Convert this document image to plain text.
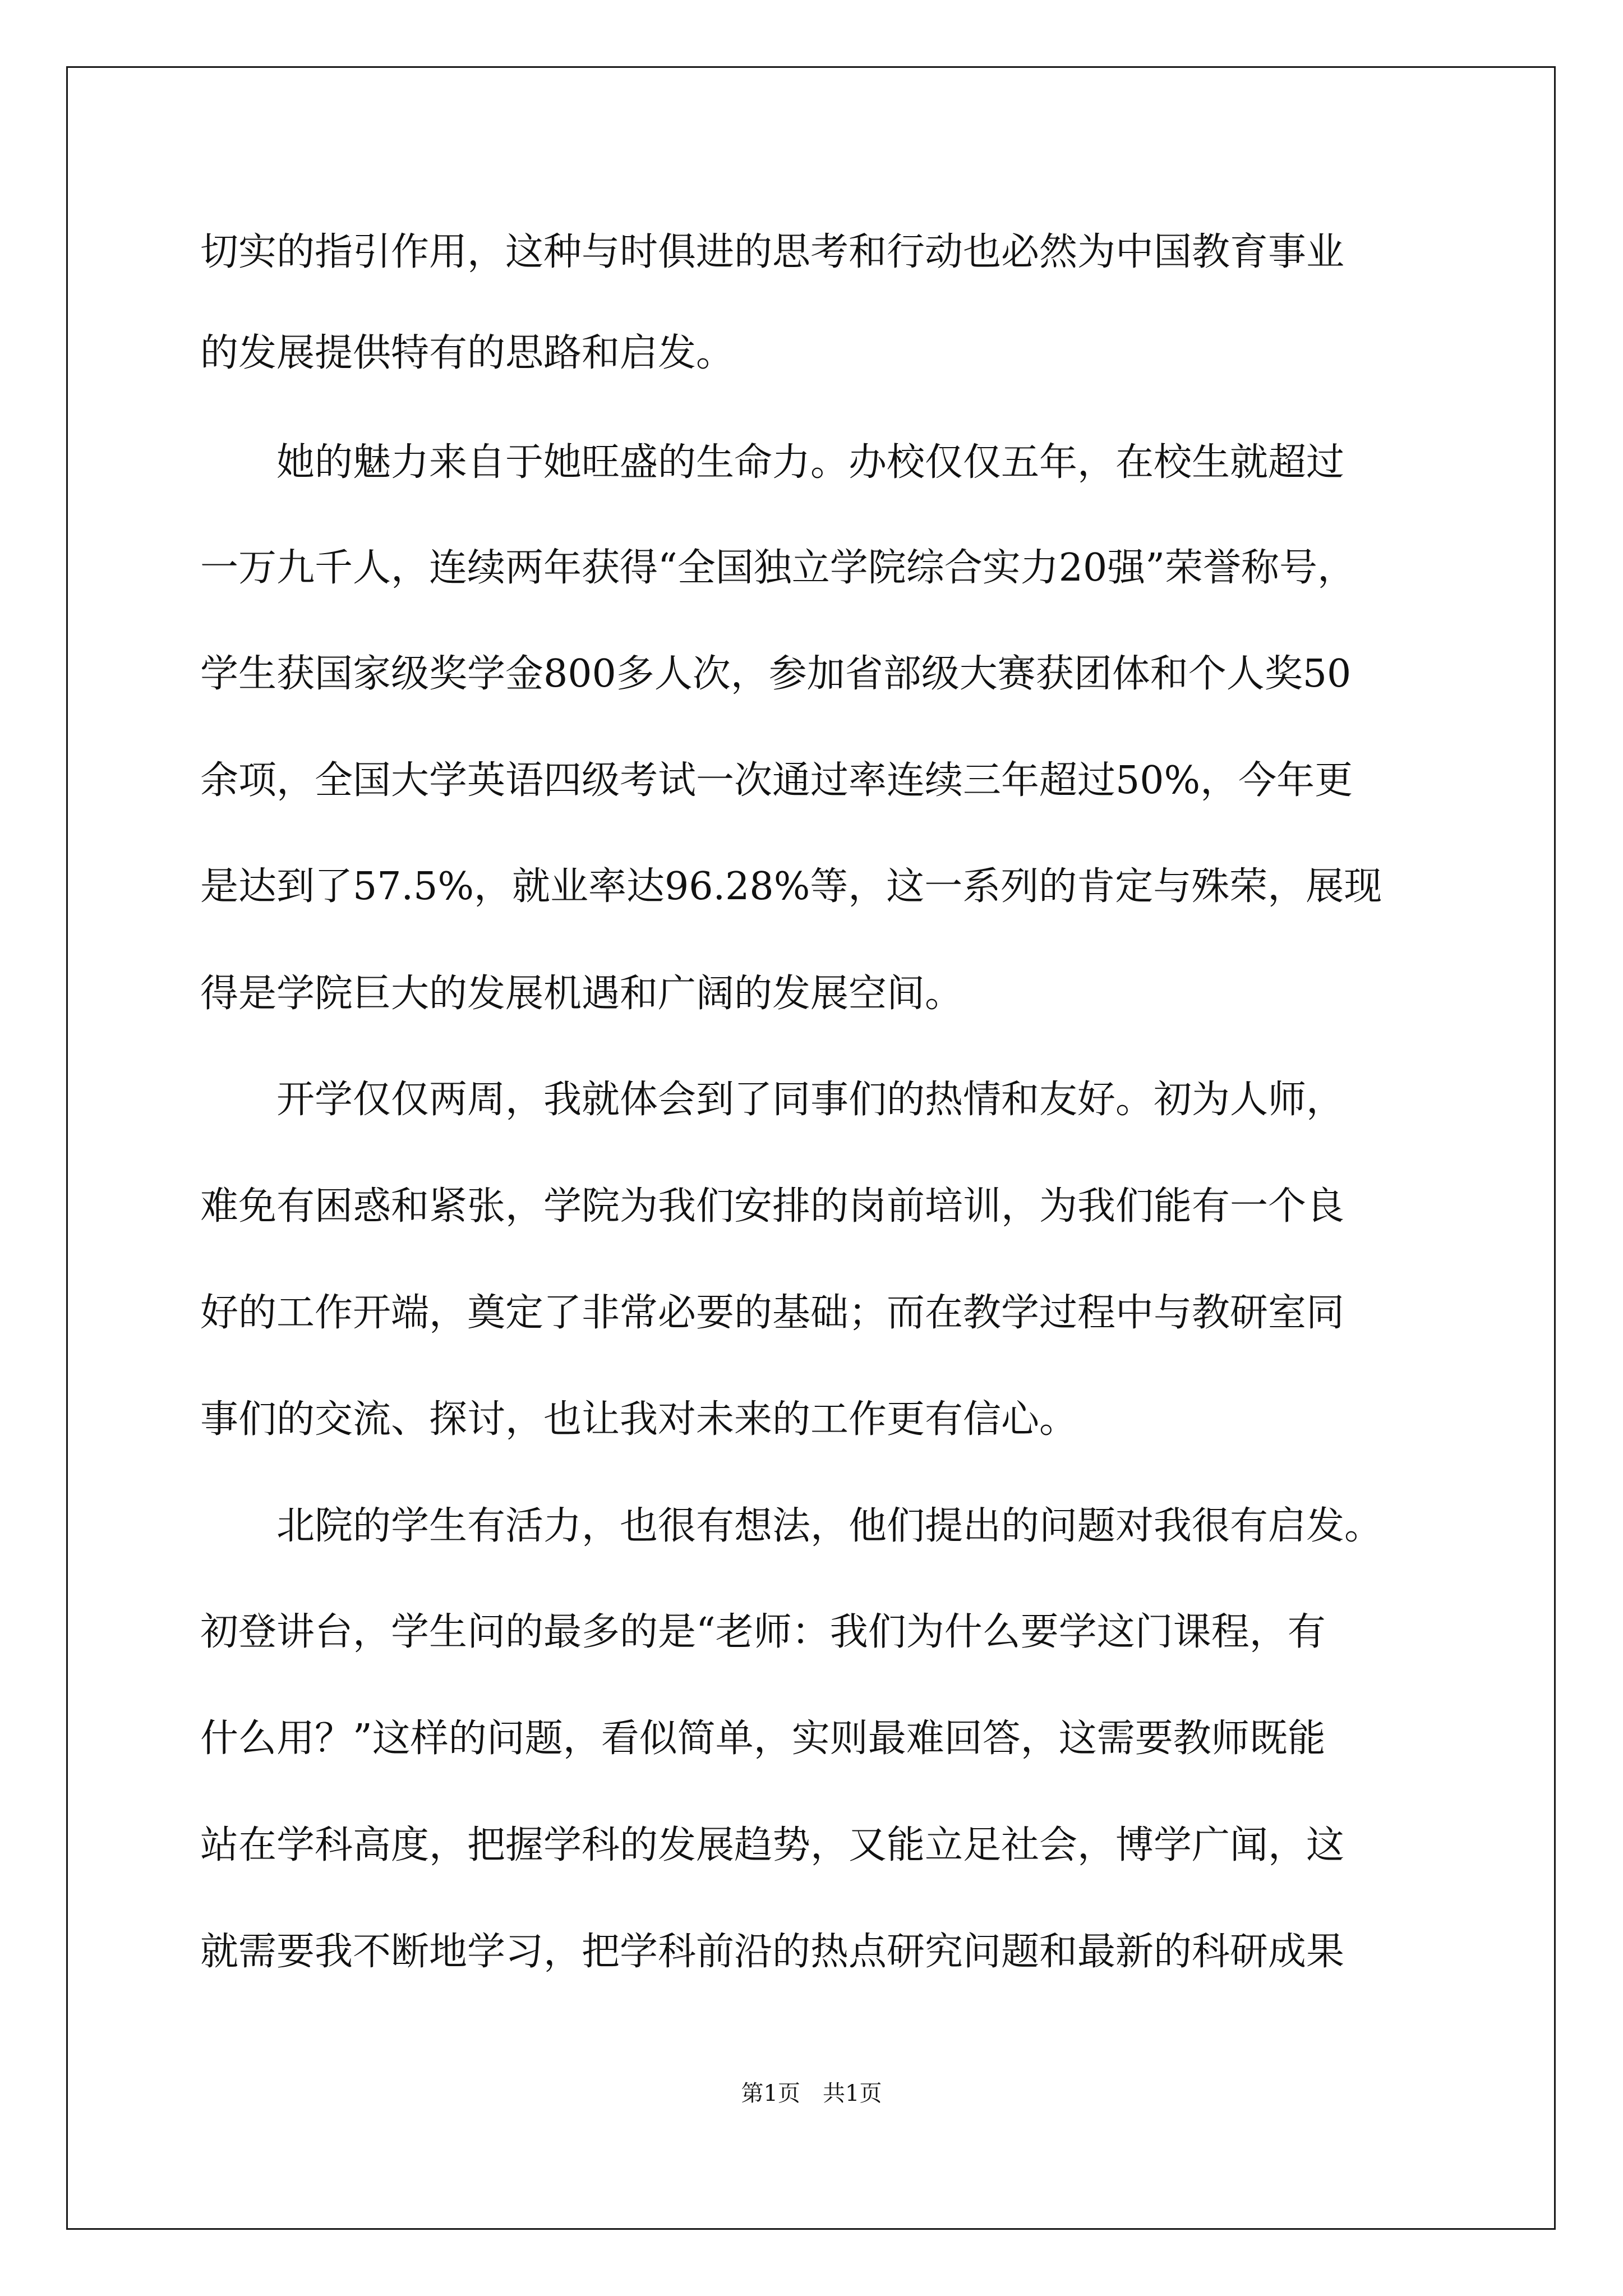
切实的指引作用，这种与时俱进的思考和行动也必然为中国教育事业
的发展提供特有的思路和启发。
　　她的魅力来自于她旺盛的生命力。办校仅仅五年，在校生就超过
一万九千人，连续两年获得“全国独立学院综合实力20强”荣誉称号，
学生获国家级奖学金800多人次，参加省部级大赛获团体和个人奖50
余项，全国大学英语四级考试一次通过率连续三年超过50%，今年更
是达到了57.5%，就业率达96.28%等，这一系列的肯定与殊荣，展现
得是学院巨大的发展机遇和广阔的发展空间。
　　开学仅仅两周，我就体会到了同事们的热情和友好。初为人师，
难免有困惑和紧张，学院为我们安排的岗前培训，为我们能有一个良
好的工作开端，奠定了非常必要的基础；而在教学过程中与教研室同
事们的交流、探讨，也让我对未来的工作更有信心。
　　北院的学生有活力，也很有想法，他们提出的问题对我很有启发。
初登讲台，学生问的最多的是“老师：我们为什么要学这门课程，有
什么用？”这样的问题，看似简单，实则最难回答，这需要教师既能
站在学科高度，把握学科的发展趋势，又能立足社会，博学广闻，这
就需要我不断地学习，把学科前沿的热点研究问题和最新的科研成果
第1页　共1页
